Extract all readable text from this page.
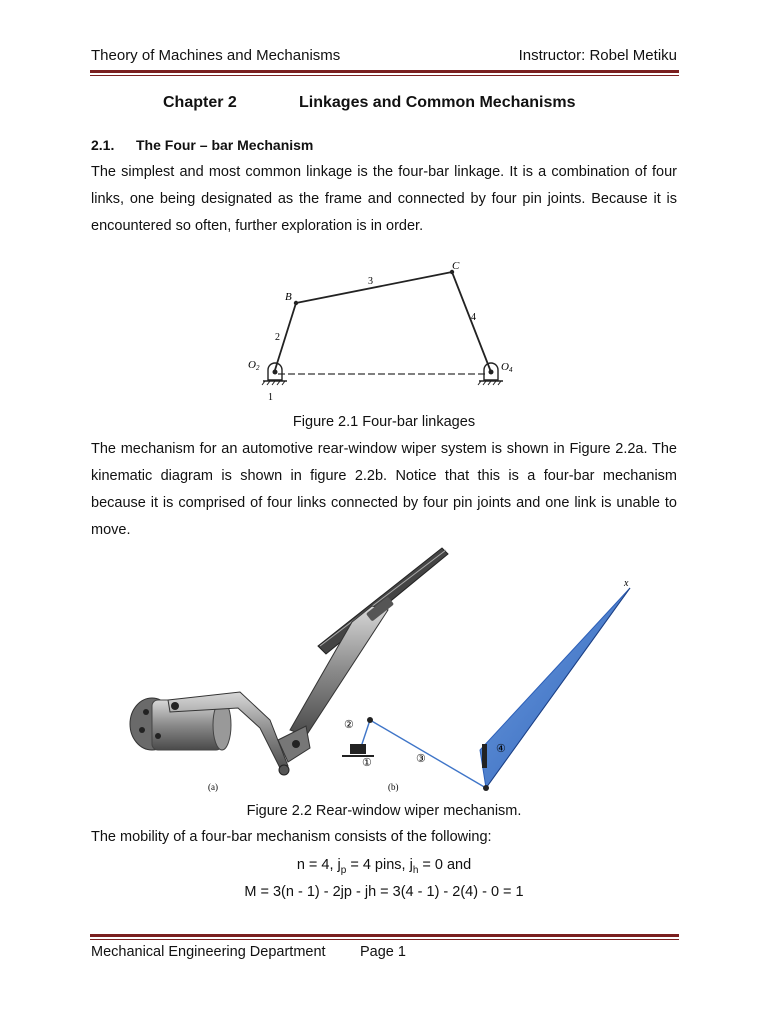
Theory of Machines and Mechanisms	Instructor: Robel Metiku
Chapter 2	Linkages and Common Mechanisms
2.1. The Four – bar Mechanism
The simplest and most common linkage is the four-bar linkage. It is a combination of four links, one being designated as the frame and connected by four pin joints. Because it is encountered so often, further exploration is in order.
B
C
3
4
2
1
O2	O4
Figure 2.1 Four-bar linkages
The mechanism for an automotive rear-window wiper system is shown in Figure 2.2a. The kinematic diagram is shown in figure 2.2b. Notice that this is a four-bar mechanism because it is comprised of four links connected by four pin joints and one link is unable to move.
(a)
x
②
①	③
④
(b)
Figure 2.2 Rear-window wiper mechanism.
The mobility of a four-bar mechanism consists of the following:
n = 4, $j_p = 4$ pins, $j_h = 0$ and
M = 3(n - 1) - 2jp - jh = 3(4 - 1) - 2(4) - 0 = 1
Mechanical Engineering Department Page 1
